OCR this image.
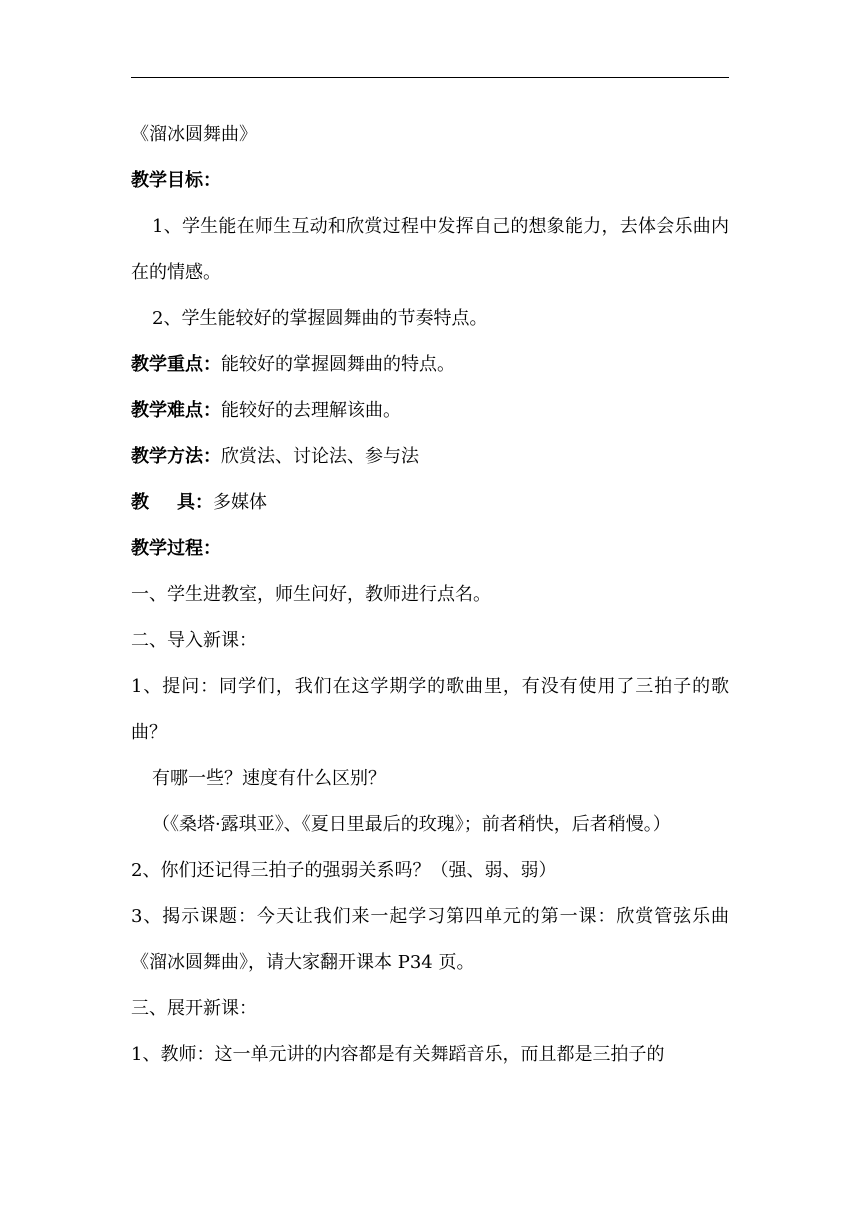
《溜冰圆舞曲》
教学目标：
1、学生能在师生互动和欣赏过程中发挥自己的想象能力，去体会乐曲内在的情感。
2、学生能较好的掌握圆舞曲的节奏特点。
教学重点：能较好的掌握圆舞曲的特点。
教学难点：能较好的去理解该曲。
教学方法：欣赏法、讨论法、参与法
教 具：多媒体
教学过程：
一、学生进教室，师生问好，教师进行点名。
二、导入新课：
1、提问：同学们，我们在这学期学的歌曲里，有没有使用了三拍子的歌曲？
有哪一些？速度有什么区别？
（《桑塔·露琪亚》、《夏日里最后的玫瑰》；前者稍快，后者稍慢。）
2、你们还记得三拍子的强弱关系吗？（强、弱、弱）
3、揭示课题：今天让我们来一起学习第四单元的第一课：欣赏管弦乐曲《溜冰圆舞曲》，请大家翻开课本 P34 页。
三、展开新课：
1、教师：这一单元讲的内容都是有关舞蹈音乐，而且都是三拍子的
